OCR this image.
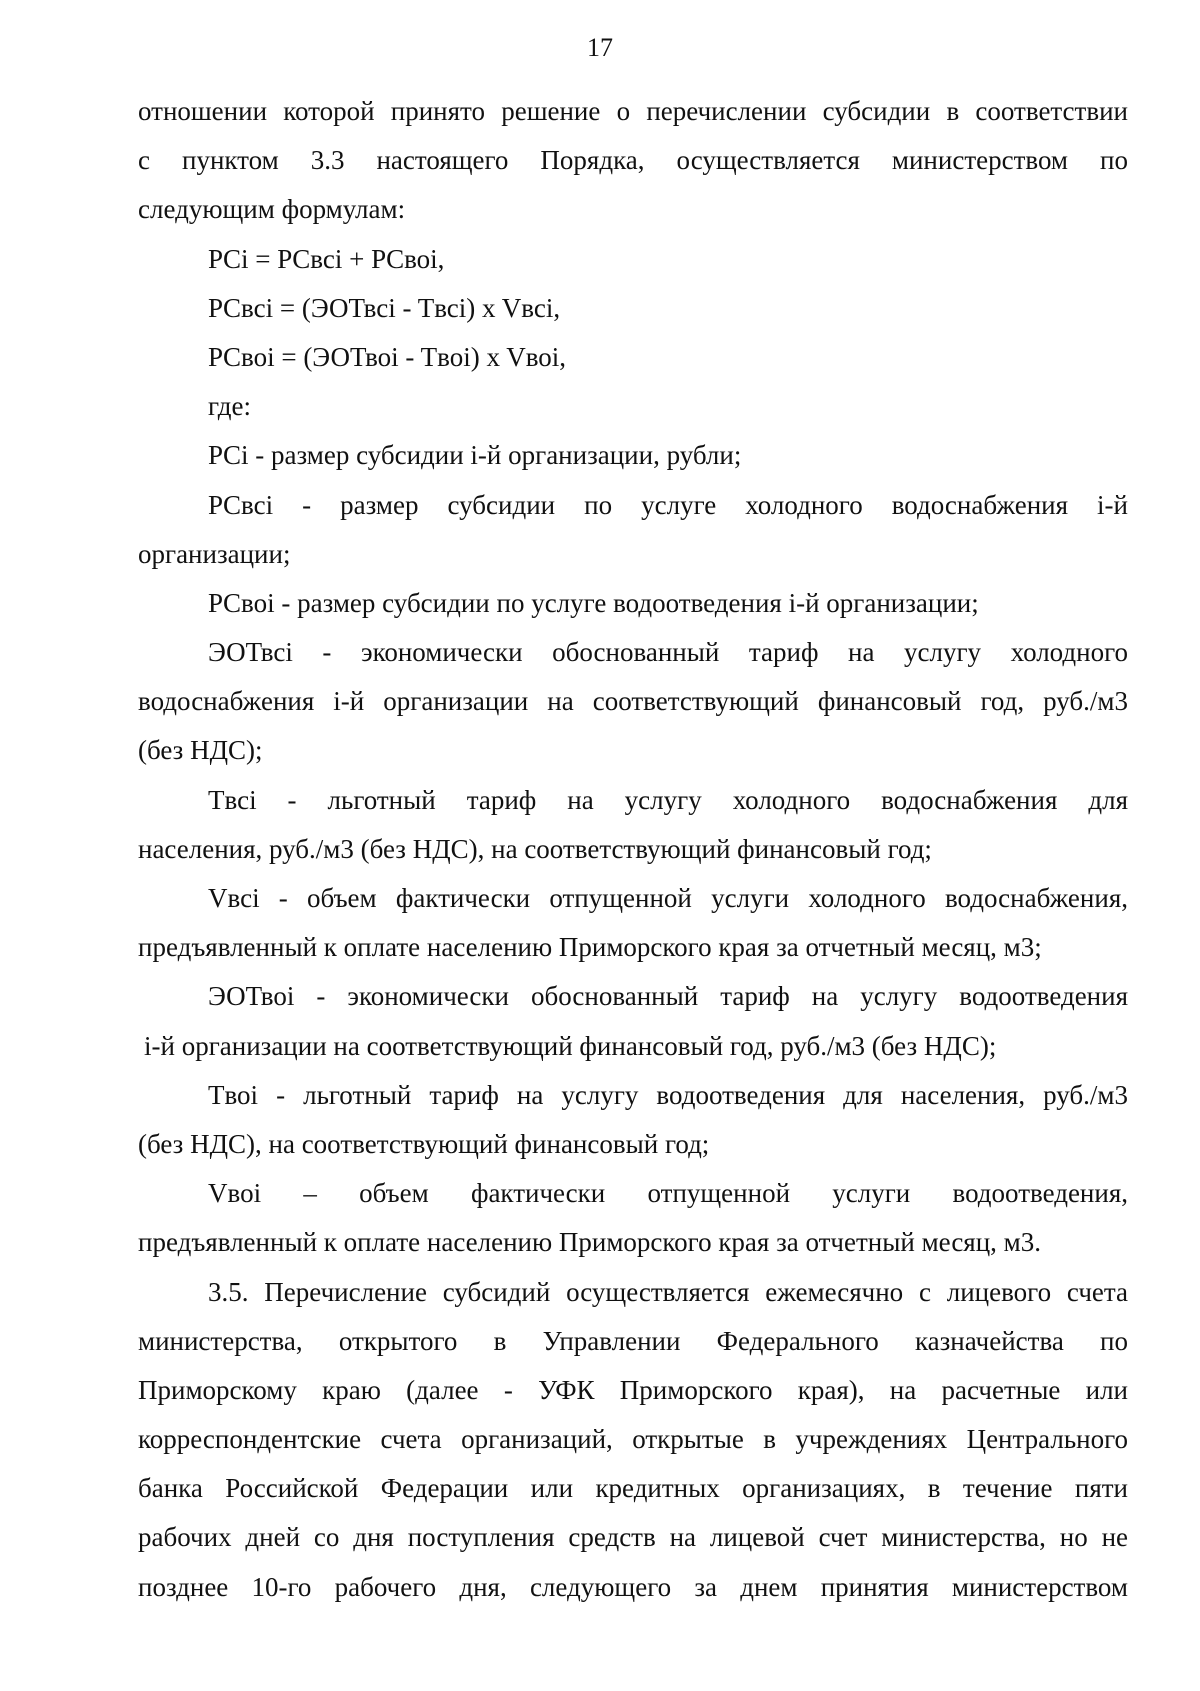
17
отношении которой принято решение о перечислении субсидии в соответствии
с пунктом 3.3 настоящего Порядка, осуществляется министерством по
следующим формулам:
PCi = PCвсi + PCвоi,
PCвсi = (ЭОТвсi - Tвсi) x Vвсi,
PCвоi = (ЭОТвоi - Tвоi) x Vвоi,
где:
PCi - размер субсидии i-й организации, рубли;
PCвсi - размер субсидии по услуге холодного водоснабжения i-й
организации;
PCвоi - размер субсидии по услуге водоотведения i-й организации;
ЭОТвсi - экономически обоснованный тариф на услугу холодного
водоснабжения i-й организации на соответствующий финансовый год, руб./м3
(без НДС);
Tвсi - льготный тариф на услугу холодного водоснабжения для
населения, руб./м3 (без НДС), на соответствующий финансовый год;
Vвсi - объем фактически отпущенной услуги холодного водоснабжения,
предъявленный к оплате населению Приморского края за отчетный месяц, м3;
ЭОТвоi - экономически обоснованный тариф на услугу водоотведения
i-й организации на соответствующий финансовый год, руб./м3 (без НДС);
Tвоi - льготный тариф на услугу водоотведения для населения, руб./м3
(без НДС), на соответствующий финансовый год;
Vвоi – объем фактически отпущенной услуги водоотведения,
предъявленный к оплате населению Приморского края за отчетный месяц, м3.
3.5. Перечисление субсидий осуществляется ежемесячно с лицевого счета
министерства, открытого в Управлении Федерального казначейства по
Приморскому краю (далее - УФК Приморского края), на расчетные или
корреспондентские счета организаций, открытые в учреждениях Центрального
банка Российской Федерации или кредитных организациях, в течение пяти
рабочих дней со дня поступления средств на лицевой счет министерства, но не
позднее 10-го рабочего дня, следующего за днем принятия министерством
